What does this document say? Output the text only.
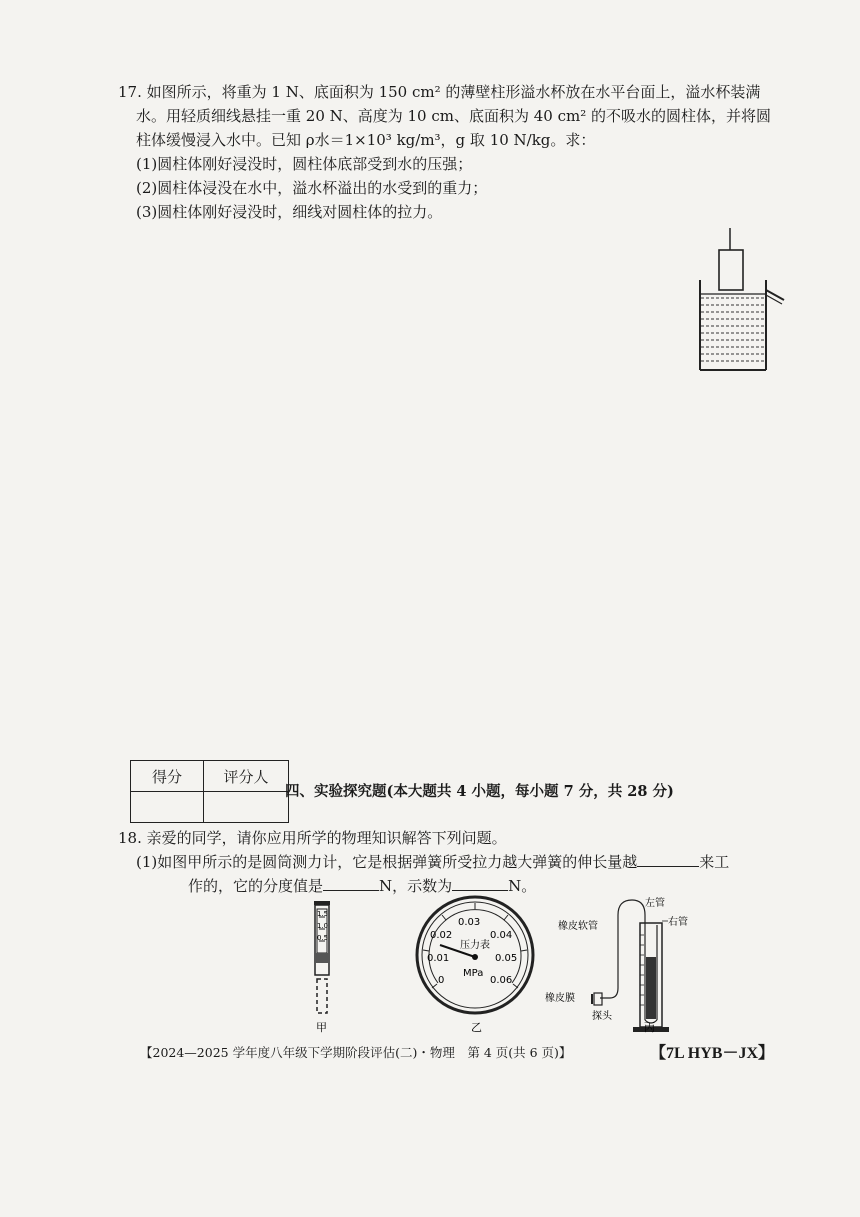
17. 如图所示，将重为 1 N、底面积为 150 cm² 的薄壁柱形溢水杯放在水平台面上，溢水杯装满
水。用轻质细线悬挂一重 20 N、高度为 10 cm、底面积为 40 cm² 的不吸水的圆柱体，并将圆
柱体缓慢浸入水中。已知 ρ水＝1×10³ kg/m³，g 取 10 N/kg。求：
(1)圆柱体刚好浸没时，圆柱体底部受到水的压强；
(2)圆柱体浸没在水中，溢水杯溢出的水受到的重力；
(3)圆柱体刚好浸没时，细线对圆柱体的拉力。
得分	评分人

四、实验探究题(本大题共 4 小题，每小题 7 分，共 28 分)
18. 亲爱的同学，请你应用所学的物理知识解答下列问题。
(1)如图甲所示的是圆筒测力计，它是根据弹簧所受拉力越大弹簧的伸长量越	来工
作的，它的分度值是	N，示数为	N。
1.5
1.0
0.5
甲
0
0.01
0.02
0.03
0.04
0.05
0.06
压力表
MPa
乙
左管
右管
橡皮软管
橡皮膜
探头
丙
【2024—2025 学年度八年级下学期阶段评估(二)・物理　第 4 页(共 6 页)】	【7L HYB－JX】
